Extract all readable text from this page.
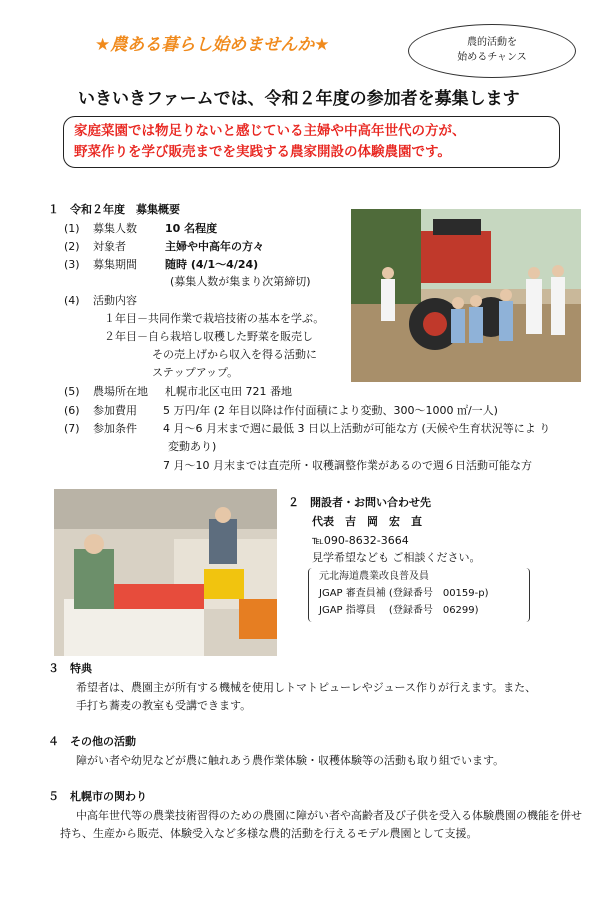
★農ある暮らし始めませんか★	農的活動を
始めるチャンス
いきいきファームでは、令和２年度の参加者を募集します
家庭菜園では物足りないと感じている主婦や中高年世代の方が、
野菜作りを学び販売までを実践する農家開設の体験農園です。
１　令和２年度　募集概要
(1) 募集人数	10 名程度
(2) 対象者	主婦や中高年の方々
(3) 募集期間	随時 (4/1～4/24)
(募集人数が集まり次第締切)
(4) 活動内容
１年目－共同作業で栽培技術の基本を学ぶ。
２年目－自ら栽培し収穫した野菜を販売し
その売上げから収入を得る活動に
ステップアップ。
(5) 農場所在地 札幌市北区屯田 721 番地
(6) 参加費用 5 万円/年 (2 年目以降は作付面積により変動、300～1000 ㎡/一人)
(7) 参加条件 4 月～6 月末まで週に最低 3 日以上活動が可能な方 (天候や生育状況等によ り
変動あり)
7 月～10 月末までは直売所・収穫調整作業があるので週６日活動可能な方
２　開設者・お問い合わせ先
代表　吉　岡　宏　直
℡090-8632-3664
見学希望なども ご相談ください。
元北海道農業改良普及員
JGAP 審査員補 (登録番号　00159-p)
JGAP 指導員　 (登録番号　06299)
３　特典
希望者は、農園主が所有する機械を使用しトマトピューレやジュース作りが行えます。また、
手打ち蕎麦の教室も受講できます。
４　その他の活動
障がい者や幼児などが農に触れあう農作業体験・収穫体験等の活動も取り組でいます。
５　札幌市の関わり
中高年世代等の農業技術習得のための農園に障がい者や高齢者及び子供を受入る体験農園の機能を併せ
持ち、生産から販売、体験受入など多様な農的活動を行えるモデル農園として支援。
